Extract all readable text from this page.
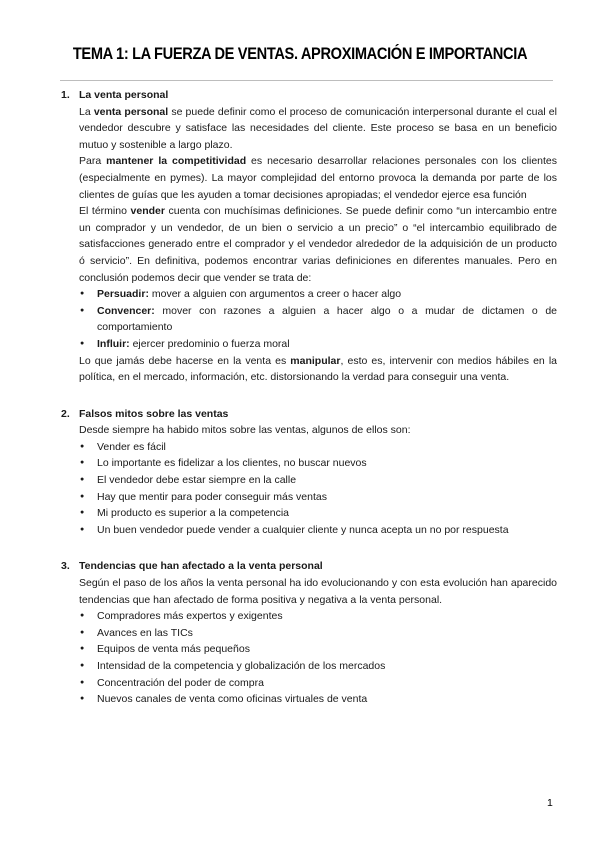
TEMA 1: LA FUERZA DE VENTAS. APROXIMACIÓN E IMPORTANCIA
1. La venta personal

La venta personal se puede definir como el proceso de comunicación interpersonal durante el cual el vendedor descubre y satisface las necesidades del cliente. Este proceso se basa en un beneficio mutuo y sostenible a largo plazo.

Para mantener la competitividad es necesario desarrollar relaciones personales con los clientes (especialmente en pymes). La mayor complejidad del entorno provoca la demanda por parte de los clientes de guías que les ayuden a tomar decisiones apropiadas; el vendedor ejerce esa función

El término vender cuenta con muchísimas definiciones. Se puede definir como “un intercambio entre un comprador y un vendedor, de un bien o servicio a un precio” o “el intercambio equilibrado de satisfacciones generado entre el comprador y el vendedor alrededor de la adquisición de un producto ó servicio”. En definitiva, podemos encontrar varias definiciones en diferentes manuales. Pero en conclusión podemos decir que vender se trata de:

● Persuadir: mover a alguien con argumentos a creer o hacer algo
● Convencer: mover con razones a alguien a hacer algo o a mudar de dictamen o de comportamiento
● Influir: ejercer predominio o fuerza moral

Lo que jamás debe hacerse en la venta es manipular, esto es, intervenir con medios hábiles en la política, en el mercado, información, etc. distorsionando la verdad para conseguir una venta.

2. Falsos mitos sobre las ventas

Desde siempre ha habido mitos sobre las ventas, algunos de ellos son:

● Vender es fácil
● Lo importante es fidelizar a los clientes, no buscar nuevos
● El vendedor debe estar siempre en la calle
● Hay que mentir para poder conseguir más ventas
● Mi producto es superior a la competencia
● Un buen vendedor puede vender a cualquier cliente y nunca acepta un no por respuesta
3. Tendencias que han afectado a la venta personal

Según el paso de los años la venta personal ha ido evolucionando y con esta evolución han aparecido tendencias que han afectado de forma positiva y negativa a la venta personal.

● Compradores más expertos y exigentes
● Avances en las TICs
● Equipos de venta más pequeños
● Intensidad de la competencia y globalización de los mercados
● Concentración del poder de compra
● Nuevos canales de venta como oficinas virtuales de venta
1
